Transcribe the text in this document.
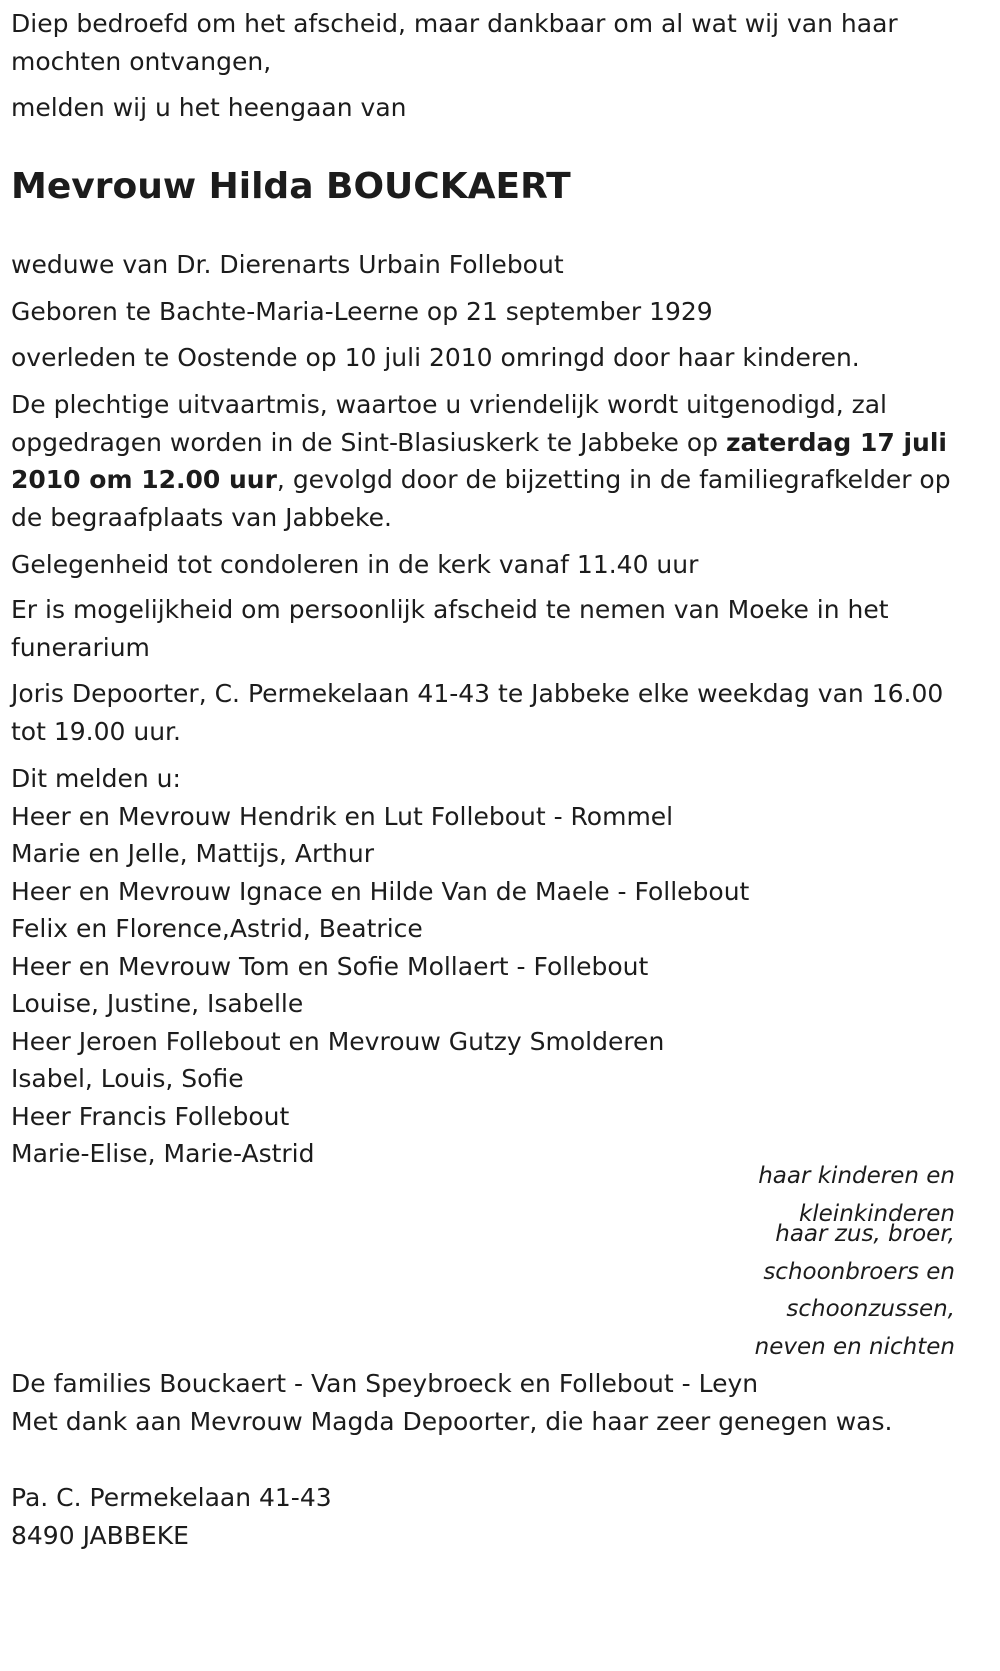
Diep bedroefd om het afscheid, maar dankbaar om al wat wij van haar mochten ontvangen,

melden wij u het heengaan van

Mevrouw Hilda BOUCKAERT
weduwe van Dr. Dierenarts Urbain Follebout
Geboren te Bachte-Maria-Leerne op 21 september 1929
overleden te Oostende op 10 juli 2010 omringd door haar kinderen.
De plechtige uitvaartmis, waartoe u vriendelijk wordt uitgenodigd, zal opgedragen worden in de Sint-Blasiuskerk te Jabbeke op zaterdag 17 juli 2010 om 12.00 uur, gevolgd door de bijzetting in de familiegrafkelder op de begraafplaats van Jabbeke.
Gelegenheid tot condoleren in de kerk vanaf 11.40 uur
Er is mogelijkheid om persoonlijk afscheid te nemen van Moeke in het funerarium
Joris Depoorter, C. Permekelaan 41-43 te Jabbeke elke weekdag van 16.00 tot 19.00 uur.

Dit melden u:

Heer en Mevrouw Hendrik en Lut Follebout - Rommel

Marie en Jelle, Mattijs, Arthur

Heer en Mevrouw Ignace en Hilde Van de Maele - Follebout

Felix en Florence,Astrid, Beatrice

Heer en Mevrouw Tom en Sofie Mollaert - Follebout

Louise, Justine, Isabelle

Heer Jeroen Follebout en Mevrouw Gutzy Smolderen

Isabel, Louis, Sofie

Heer Francis Follebout

Marie-Elise, Marie-Astrid

haar kinderen en
kleinkinderen
haar zus, broer,
schoonbroers en
schoonzussen,
neven en nichten

De families Bouckaert - Van Speybroeck en Follebout - Leyn

Met dank aan Mevrouw Magda Depoorter, die haar zeer genegen was.

Pa. C. Permekelaan 41-43

8490 JABBEKE
